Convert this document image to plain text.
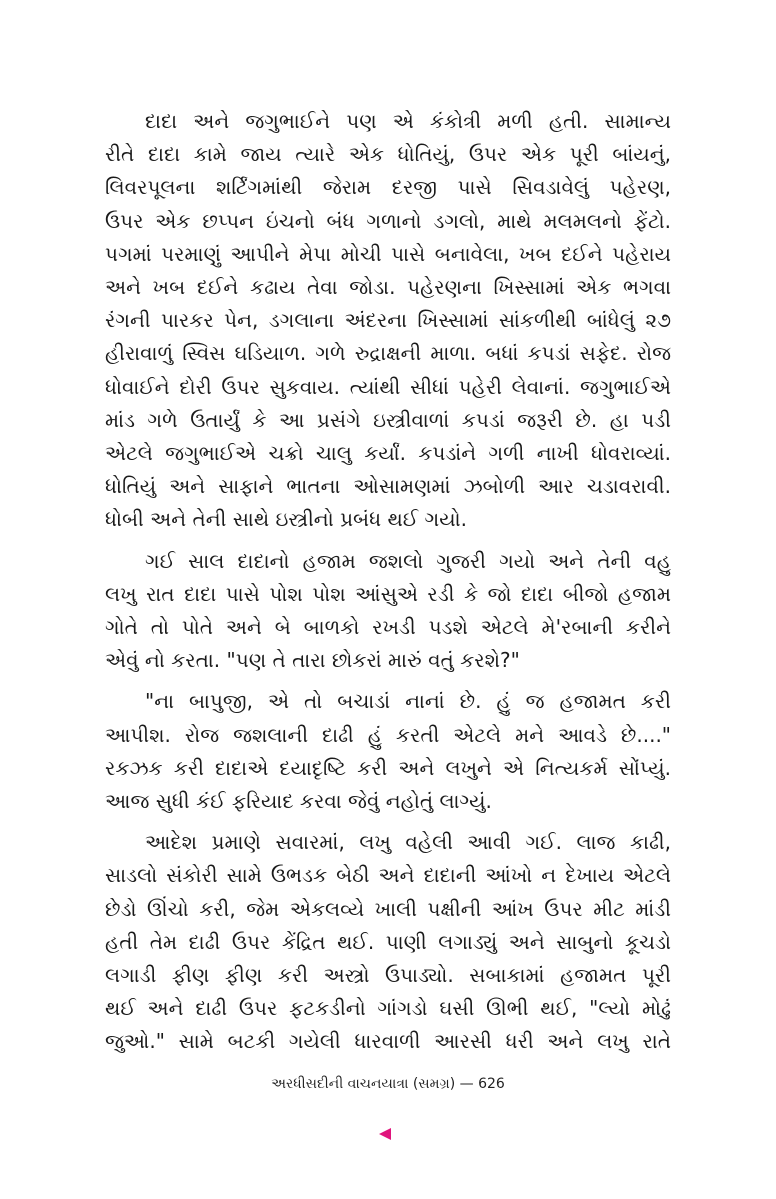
દાદા અને જગુભાઈને પણ એ કંકોત્રી મળી હતી. સામાન્ય
રીતે દાદા કામે જાય ત્યારે એક ધોતિયું, ઉપર એક પૂરી બાંયનું,
લિવરપૂલના શર્ટિંગમાંથી જેરામ દરજી પાસે સિવડાવેલું પહેરણ,
ઉપર એક છપ્પન ઇંચનો બંધ ગળાનો ડગલો, માથે મલમલનો ફેંટો.
પગમાં પરમાણું આપીને મેપા મોચી પાસે બનાવેલા, ખબ દઈને પહેરાય
અને ખબ દઈને કઢાય તેવા જોડા. પહેરણના ખિસ્સામાં એક ભગવા
રંગની પારકર પેન, ડગલાના અંદરના ખિસ્સામાં સાંકળીથી બાંધેલું ૨૭
હીરાવાળું સ્વિસ ઘડિયાળ. ગળે રુદ્રાક્ષની માળા. બધાં કપડાં સફેદ. રોજ
ધોવાઈને દોરી ઉપર સુકવાય. ત્યાંથી સીધાં પહેરી લેવાનાં. જગુભાઈએ
માંડ ગળે ઉતાર્યું કે આ પ્રસંગે ઇસ્ત્રીવાળાં કપડાં જરૂરી છે. હા પડી
એટલે જગુભાઈએ ચક્રો ચાલુ કર્યાં. કપડાંને ગળી નાખી ધોવરાવ્યાં.
ધોતિયું અને સાફાને ભાતના ઓસામણમાં ઝબોળી આર ચડાવરાવી.
ધોબી અને તેની સાથે ઇસ્ત્રીનો પ્રબંધ થઈ ગયો.
ગઈ સાલ દાદાનો હજામ જશલો ગુજરી ગયો અને તેની વહુ
લખુ રાત દાદા પાસે પોશ પોશ આંસુએ રડી કે જો દાદા બીજો હજામ
ગોતે તો પોતે અને બે બાળકો રખડી પડશે એટલે મે'રબાની કરીને
એવું નો કરતા. "પણ તે તારા છોકરાં મારું વતું કરશે?"
"ના બાપુજી, એ તો બચાડાં નાનાં છે. હું જ હજામત કરી
આપીશ. રોજ જશલાની દાઢી હું કરતી એટલે મને આવડે છે...."
રકઝક કરી દાદાએ દયાદૃષ્ટિ કરી અને લખુને એ નિત્યકર્મ સોંપ્યું.
આજ સુધી કંઈ ફરિયાદ કરવા જેવું નહોતું લાગ્યું.
આદેશ પ્રમાણે સવારમાં, લખુ વહેલી આવી ગઈ. લાજ કાઢી,
સાડલો સંકોરી સામે ઉભડક બેઠી અને દાદાની આંખો ન દેખાય એટલે
છેડો ઊંચો કરી, જેમ એકલવ્યે ખાલી પક્ષીની આંખ ઉપર મીટ માંડી
હતી તેમ દાઢી ઉપર કેંદ્રિત થઈ. પાણી લગાડ્યું અને સાબુનો કૂચડો
લગાડી ફીણ ફીણ કરી અસ્ત્રો ઉપાડ્યો. સબાકામાં હજામત પૂરી
થઈ અને દાઢી ઉપર ફટકડીનો ગાંગડો ઘસી ઊભી થઈ, "લ્યો મોઢું
જુઓ." સામે બટકી ગયેલી ધારવાળી આરસી ધરી અને લખુ રાતે
અરધીસદીની વાચનયાત્રા (સમગ્ર) — 626
